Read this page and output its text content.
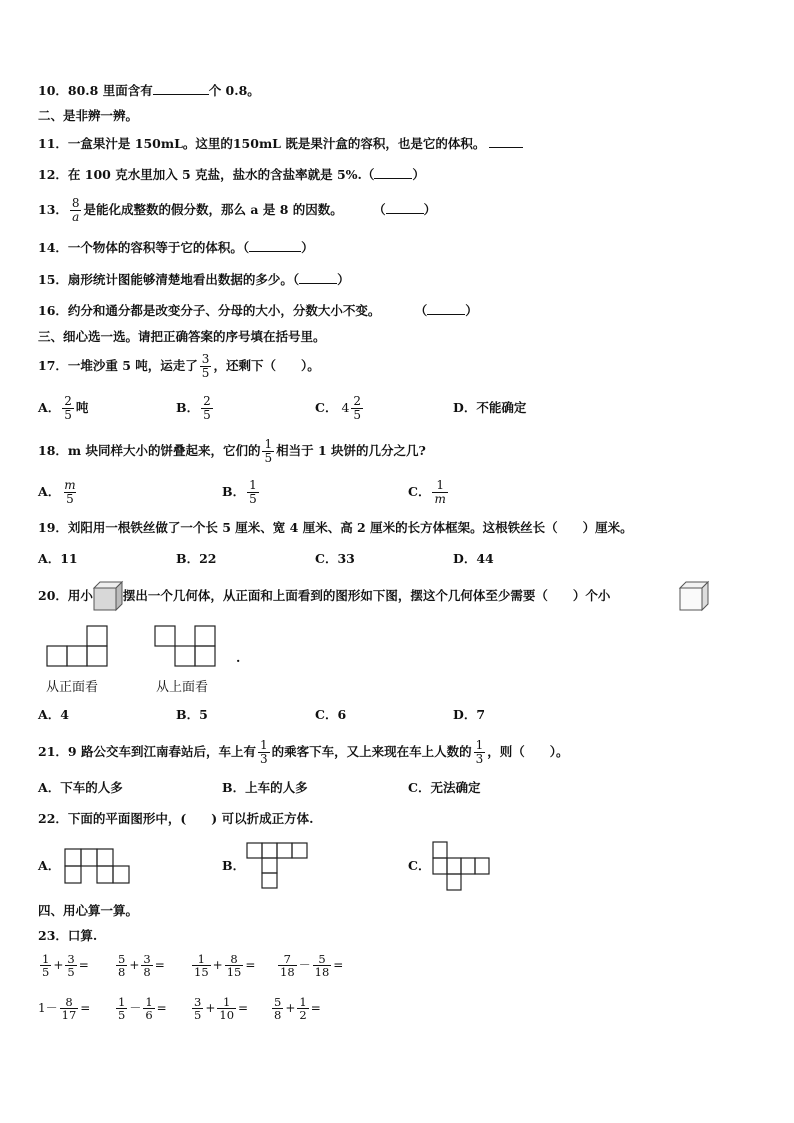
10．80.8 里面含有	个 0.8。
二、是非辨一辨。
11．一盒果汁是 150mL。这里的150mL 既是果汁盒的容积，也是它的体积。
12．在 100 克水里加入 5 克盐，盐水的含盐率就是 5%.（	）
13． $\frac{8}{a}$ 是能化成整数的假分数，那么 a 是 8 的因数。 （	）
14．一个物体的容积等于它的体积。（	）
15．扇形统计图能够清楚地看出数据的多少。（	）
16．约分和通分都是改变分子、分母的大小，分数大小不变。	（	）
三、细心选一选。请把正确答案的序号填在括号里。
17．一堆沙重 5 吨，运走了 $\frac{3}{5}$ ，还剩下（　　）。
A． $\frac{2}{5}$ 吨	B． $\frac{2}{5}$	C． $4 \frac{2}{5}$	D．不能确定
18．m 块同样大小的饼叠起来，它们的 $\frac{1}{5}$ 相当于 1 块饼的几分之几?
A． $\frac{m}{5}$	B． $\frac{1}{5}$	C． $\frac{1}{m}$
19．刘阳用一根铁丝做了一个长 5 厘米、宽 4 厘米、高 2 厘米的长方体框架。这根铁丝长（　　）厘米。
A．11	B．22	C．33	D．44
20．用小 摆出一个几何体，从正面和上面看到的图形如下图，摆这个几何体至少需要（　　）个小
.
从正面看	从上面看
A．4	B．5	C．6	D．7
21．9 路公交车到江南春站后，车上有 $\frac{1}{3}$ 的乘客下车，又上来现在车上人数的 $\frac{1}{3}$ ，则（　　）。
A．下车的人多	B．上车的人多	C．无法确定
22．下面的平面图形中，(　　) 可以折成正方体.
A．	B．	C．
四、用心算一算。
23．口算.
$\frac{1}{5} + \frac{3}{5} = \frac{5}{8} + \frac{3}{8} = \frac{1}{15} + \frac{8}{15} = \frac{7}{18} - \frac{5}{18}$ =
$1- \frac{8}{17} = \frac{1}{5} - \frac{1}{6} = \frac{3}{5} + \frac{1}{10} = \frac{5}{8} + \frac{1}{2}$ =
